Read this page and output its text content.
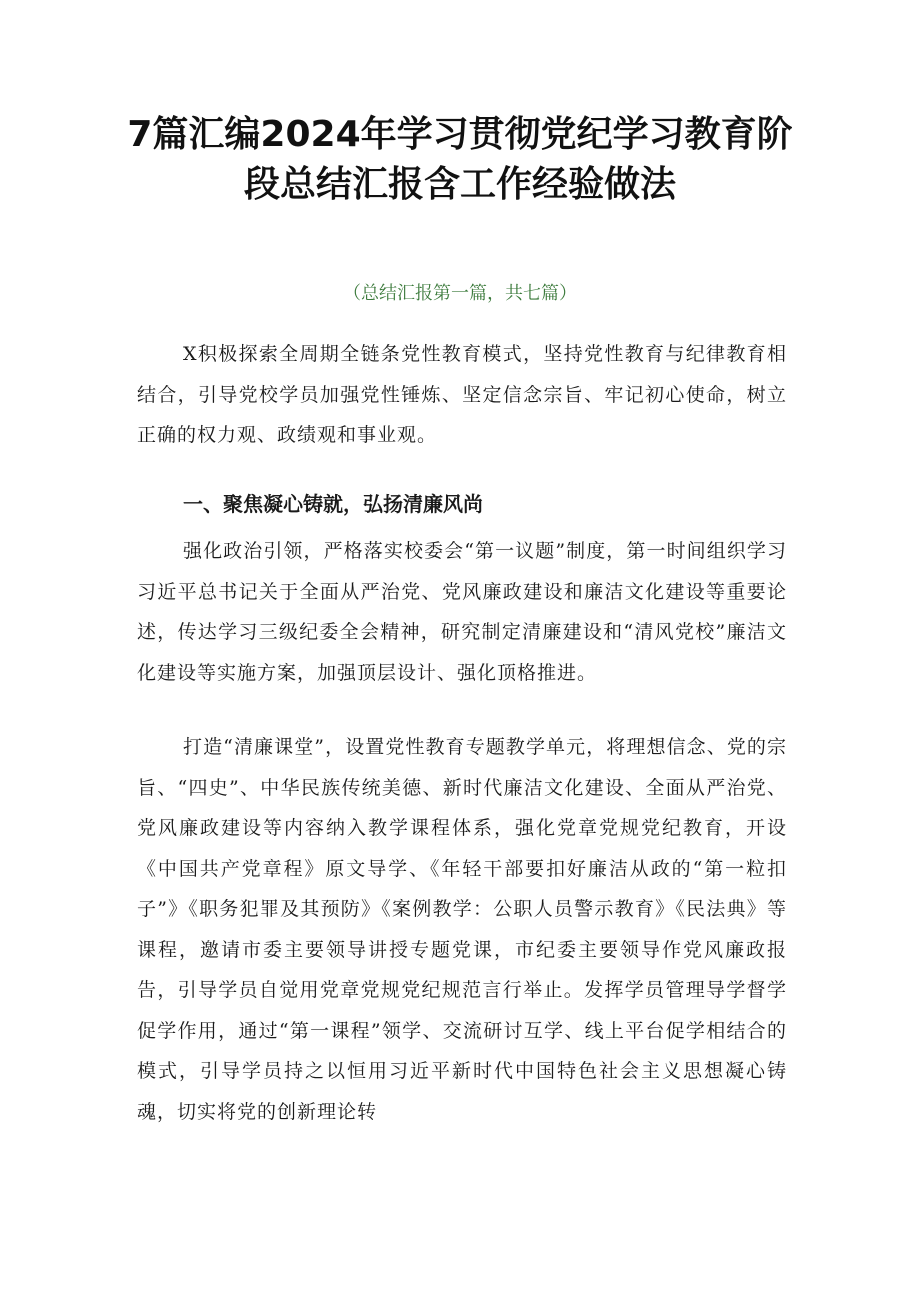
7篇汇编2024年学习贯彻党纪学习教育阶段总结汇报含工作经验做法

（总结汇报第一篇，共七篇）

X积极探索全周期全链条党性教育模式，坚持党性教育与纪律教育相结合，引导党校学员加强党性锤炼、坚定信念宗旨、牢记初心使命，树立正确的权力观、政绩观和事业观。

一、聚焦凝心铸就，弘扬清廉风尚

强化政治引领，严格落实校委会“第一议题”制度，第一时间组织学习习近平总书记关于全面从严治党、党风廉政建设和廉洁文化建设等重要论述，传达学习三级纪委全会精神，研究制定清廉建设和“清风党校”廉洁文化建设等实施方案，加强顶层设计、强化顶格推进。

打造“清廉课堂”，设置党性教育专题教学单元，将理想信念、党的宗旨、“四史”、中华民族传统美德、新时代廉洁文化建设、全面从严治党、党风廉政建设等内容纳入教学课程体系，强化党章党规党纪教育，开设《中国共产党章程》原文导学、《年轻干部要扣好廉洁从政的“第一粒扣子”》《职务犯罪及其预防》《案例教学：公职人员警示教育》《民法典》等课程，邀请市委主要领导讲授专题党课，市纪委主要领导作党风廉政报告，引导学员自觉用党章党规党纪规范言行举止。发挥学员管理导学督学促学作用，通过“第一课程”领学、交流研讨互学、线上平台促学相结合的模式，引导学员持之以恒用习近平新时代中国特色社会主义思想凝心铸魂，切实将党的创新理论转
